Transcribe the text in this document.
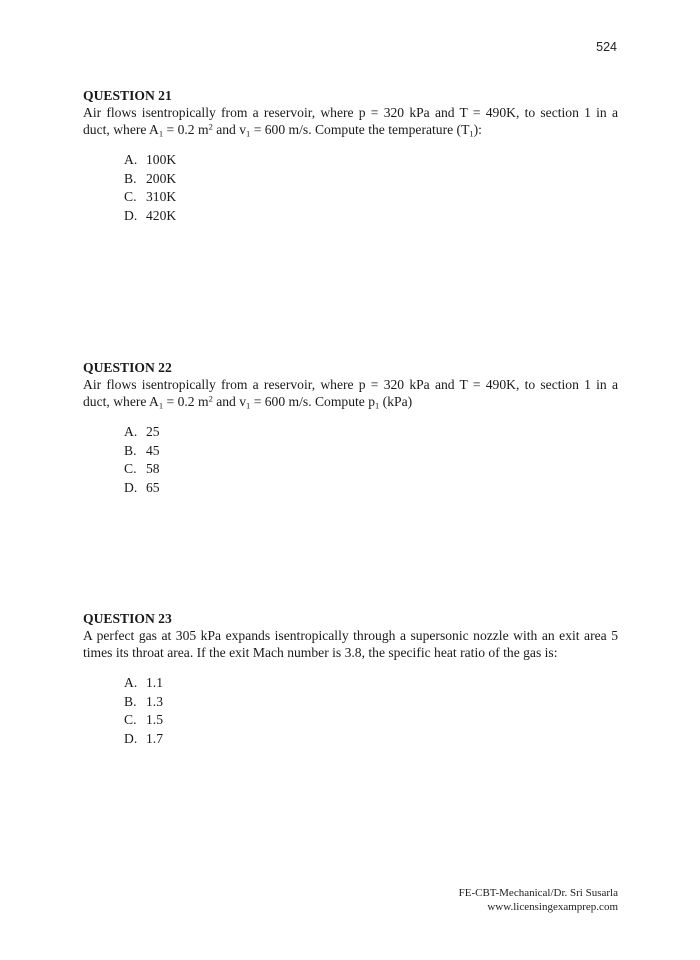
524
QUESTION 21
Air flows isentropically from a reservoir, where p = 320 kPa and T = 490K, to section 1 in a
duct, where $A_1 = 0.2$ $m^2$ and $v_1 = 600$ m/s. Compute the temperature $(T_1)$:
A. 100K
B. 200K
C. 310K
D. 420K
QUESTION 22
Air flows isentropically from a reservoir, where p = 320 kPa and T = 490K, to section 1 in a
duct, where $A_1 = 0.2$ $m^2$ and $v_1 = 600$ m/s. Compute $p_1$ (kPa)
A. 25
B. 45
C. 58
D. 65
QUESTION 23
A perfect gas at 305 kPa expands isentropically through a supersonic nozzle with an exit area 5
times its throat area. If the exit Mach number is 3.8, the specific heat ratio of the gas is:
A. 1.1
B. 1.3
C. 1.5
D. 1.7
FE-CBT-Mechanical/Dr. Sri Susarla
www.licensingexamprep.com
